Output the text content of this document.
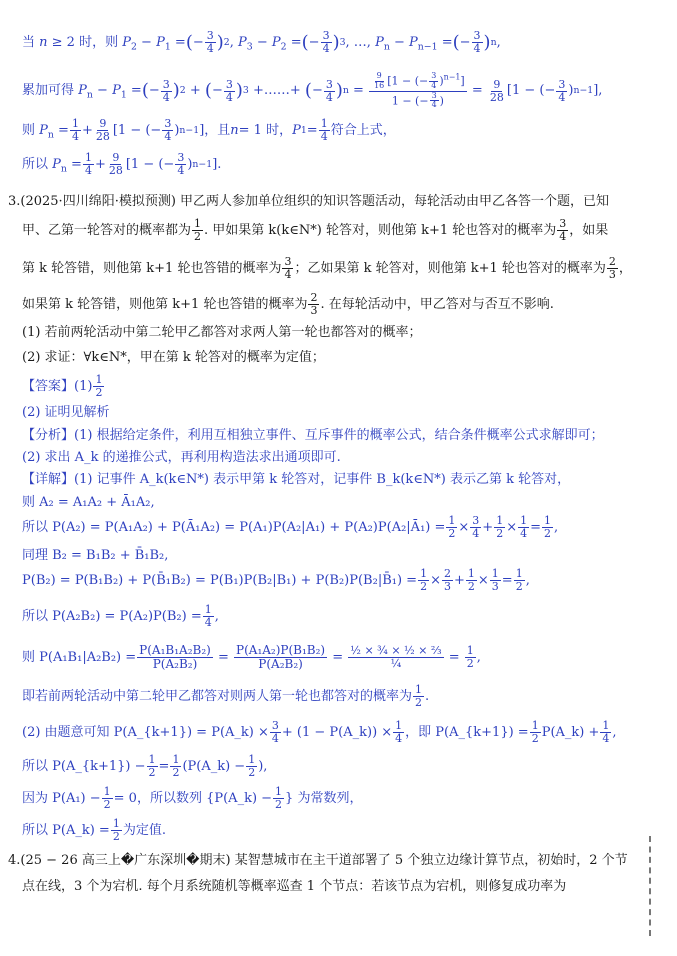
当 n ≥ 2 时，则 $P_2 - P_1$ = ( − $\frac{3}{4}$ ) 2 , $P_3 - P_2$ = ( − $\frac{3}{4}$ ) 3 , …, $P_n - P_{n-1}$ = ( − $\frac{3}{4}$ ) n ,
累加可得 $P_n - P_1$ = ( − $\frac{3}{4}$ ) 2 + ( − $\frac{3}{4}$ ) 3 +……+ ( − $\frac{3}{4}$ ) $n = \frac{\frac{9}{16} [1 - (- \frac{3}{4} )^{n-1}]}{1 - (- \frac{3}{4} )} = \frac{9}{28} [1$ − (− $\frac{3}{4}$ ) n−1 ],
则 $P_n = \frac{1}{4} + \frac{9}{28} [1$ − (− $\frac{3}{4}$ ) n−1 ]，且 n = 1 时， P $1 = \frac{1}{4}$ 符合上式，
所以 $P_n = \frac{1}{4} + \frac{9}{28} [1$ − (− $\frac{3}{4}$ ) n−1 ].
3. (2025·四川绵阳·模拟预测)
甲乙两人参加单位组织的知识答题活动，每轮活动由甲乙各答一个题，已知
甲、乙第一轮答对的概率都为 $\frac{1}{2}$ . 甲如果第 k(k∈N*) 轮答对，则他第 k+1 轮也答对的概率为 $\frac{3}{4}$ ，如果
第 k 轮答错，则他第 k+1 轮也答错的概率为 $\frac{3}{4}$ ；乙如果第 k 轮答对，则他第 k+1 轮也答对的概率为 $\frac{2}{3}$ ，
如果第 k 轮答错，则他第 k+1 轮也答错的概率为 $\frac{2}{3}$ . 在每轮活动中，甲乙答对与否互不影响.
(1) 若前两轮活动中第二轮甲乙都答对求两人第一轮也都答对的概率；
(2) 求证：∀k∈N*，甲在第 k 轮答对的概率为定值；
【答案】 $(1) \frac{1}{2}$
(2) 证明见解析
【分析】 (1) 根据给定条件，利用互相独立事件、互斥事件的概率公式，结合条件概率公式求解即可；
(2) 求出 A_k 的递推公式，再利用构造法求出通项即可.
【详解】 (1) 记事件 A_k(k∈N*) 表示甲第 k 轮答对，记事件 B_k(k∈N*) 表示乙第 k 轮答对，
则 A₂ = A₁A₂ + Ā₁A₂,
所以 P(A₂) = P(A₁A₂) + P(Ā₁A₂) = P(A₁)P(A₂|A₁) + P(A₂)P(A₂|Ā₁) = $\frac{1}{2} \times \frac{3}{4} + \frac{1}{2} \times \frac{1}{4} = \frac{1}{2}$ ,
同理 B₂ = B₁B₂ + B̄₁B₂,
P(B₂) = P(B₁B₂) + P(B̄₁B₂) = P(B₁)P(B₂|B₁) + P(B₂)P(B₂|B̄₁) = $\frac{1}{2} \times \frac{2}{3} + \frac{1}{2} \times \frac{1}{3} = \frac{1}{2}$ ,
所以 $P(A_2B_2) = P(A_2)P(B_2) = \frac{1}{4}$ ,
则 $P(A_1B_1|A_2B_2) = \frac{\text{P(A₁B₁A₂B₂)}}{\text{P(A₂B₂)}}$
=
$\frac{\text{P(A₁A₂)P(B₁B₂)}}{\text{P(A₂B₂)}}$
=
$\frac{\text{½ × ¾ × ½ × ⅔}}{\text{¼}}$
=
$\frac{1}{2}$ ,
即若前两轮活动中第二轮甲乙都答对则两人第一轮也都答对的概率为 $\frac{1}{2}$ .
(2) 由题意可知 P(A_{k+1}) = P(A_k) × $\frac{3}{4} + (1$ − P(A_k)) × $\frac{1}{4}$ ，即 P(A_{k+1}) = $\frac{1}{2}$ P(A_k) + $\frac{1}{4}$ ,
所以 P(A_{k+1}) − $\frac{1}{2} = \frac{1}{2}$ (P(A_k) − $\frac{1}{2}$ ),
因为 $P(A_1) - \frac{1}{2} = 0$，所以数列 {P(A_k) − $\frac{1}{2}$ } 为常数列，
所以 P(A_k) = $\frac{1}{2}$ 为定值.
4. (25 − 26 高三上�广东深圳�期末) 某智慧城市在主干道部署了 5 个独立边缘计算节点，初始时，2 个节
点在线，3 个为宕机. 每个月系统随机等概率巡查 1 个节点：若该节点为宕机，则修复成功率为
